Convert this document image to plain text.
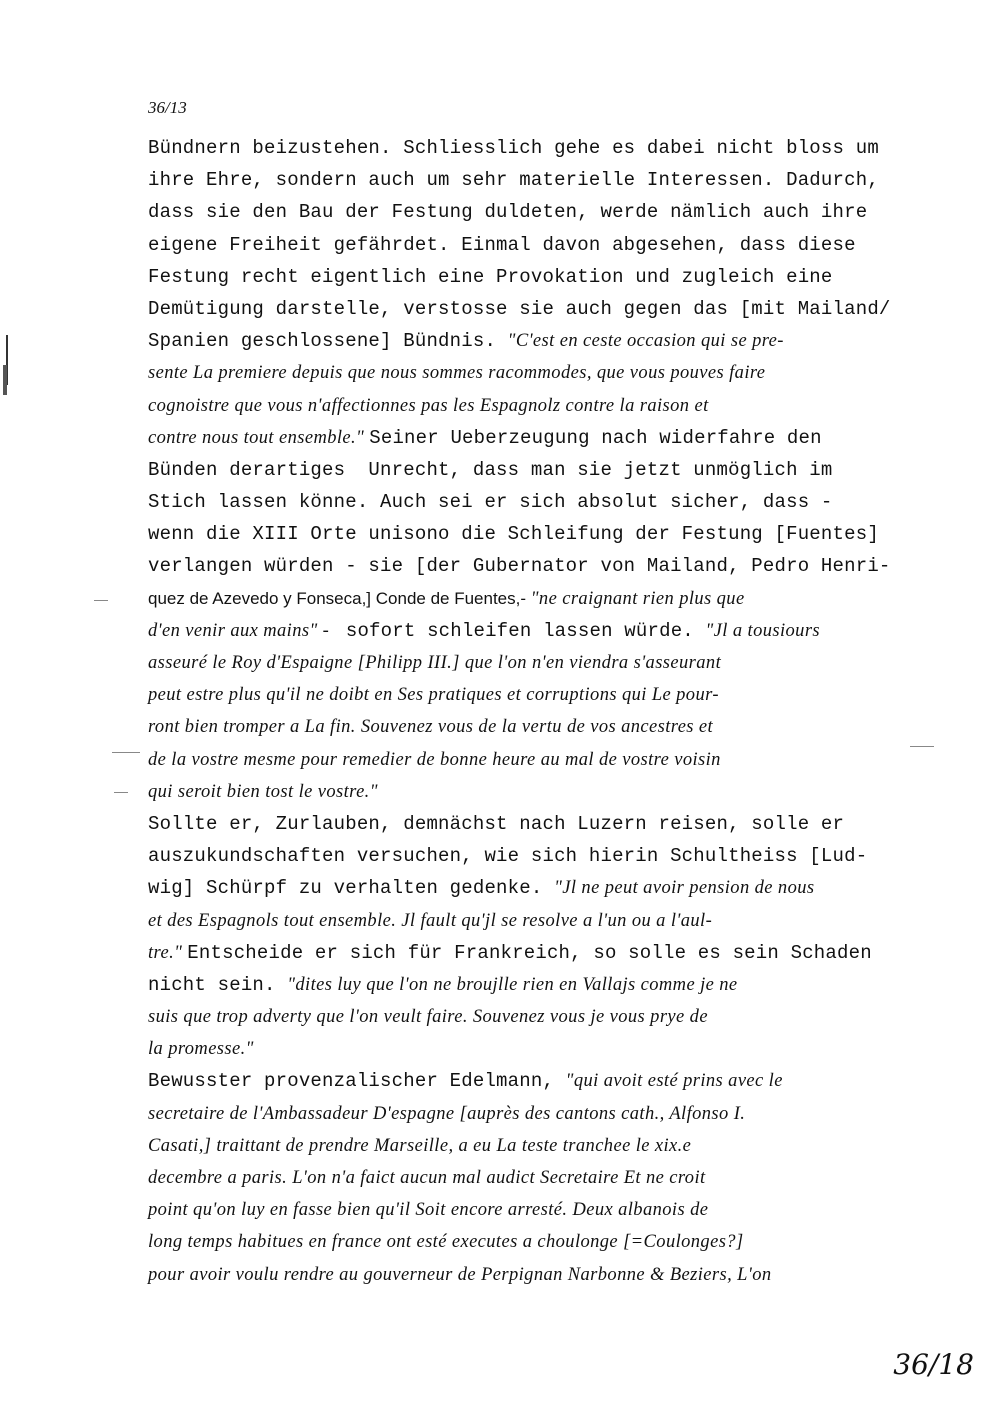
36/13
Bündnern beizustehen. Schliesslich gehe es dabei nicht bloss um
ihre Ehre, sondern auch um sehr materielle Interessen. Dadurch,
dass sie den Bau der Festung duldeten, werde nämlich auch ihre
eigene Freiheit gefährdet. Einmal davon abgesehen, dass diese
Festung recht eigentlich eine Provokation und zugleich eine
Demütigung darstelle, verstosse sie auch gegen das [mit Mailand/
Spanien geschlossene] Bündnis. "C'est en ceste occasion qui se pre-
sente La premiere depuis que nous sommes racommodes, que vous pouves faire
cognoistre que vous n'affectionnes pas les Espagnolz contre la raison et
contre nous tout ensemble." Seiner Ueberzeugung nach widerfahre den
Bünden derartiges  Unrecht, dass man sie jetzt unmöglich im
Stich lassen könne. Auch sei er sich absolut sicher, dass -
wenn die XIII Orte unisono die Schleifung der Festung [Fuentes]
verlangen würden - sie [der Gubernator von Mailand, Pedro Henri-
quez de Azevedo y Fonseca,] Conde de Fuentes,- "ne craignant rien plus que
d'en venir aux mains" -  sofort schleifen lassen würde. "Jl a tousiours
asseuré le Roy d'Espaigne [Philipp III.] que l'on n'en viendra s'asseurant
peut estre plus qu'il ne doibt en Ses pratiques et corruptions qui Le pour-
ront bien tromper a La fin. Souvenez vous de la vertu de vos ancestres et
de la vostre mesme pour remedier de bonne heure au mal de vostre voisin
qui seroit bien tost le vostre."
Sollte er, Zurlauben, demnächst nach Luzern reisen, solle er
auszukundschaften versuchen, wie sich hierin Schultheiss [Lud-
wig] Schürpf zu verhalten gedenke. "Jl ne peut avoir pension de nous
et des Espagnols tout ensemble. Jl fault qu'jl se resolve a l'un ou a l'aul-
tre." Entscheide er sich für Frankreich, so solle es sein Schaden
nicht sein. "dites luy que l'on ne broujlle rien en Vallajs comme je ne
suis que trop adverty que l'on veult faire. Souvenez vous je vous prye de
la promesse."
Bewusster provenzalischer Edelmann, "qui avoit esté prins avec le
secretaire de l'Ambassadeur D'espagne [auprès des cantons cath., Alfonso I.
Casati,] traittant de prendre Marseille, a eu La teste tranchee le xix.e
decembre a paris. L'on n'a faict aucun mal audict Secretaire Et ne croit
point qu'on luy en fasse bien qu'il Soit encore arresté. Deux albanois de
long temps habitues en france ont esté executes a choulonge [=Coulonges?]
pour avoir voulu rendre au gouverneur de Perpignan Narbonne & Beziers, L'on
36/18
